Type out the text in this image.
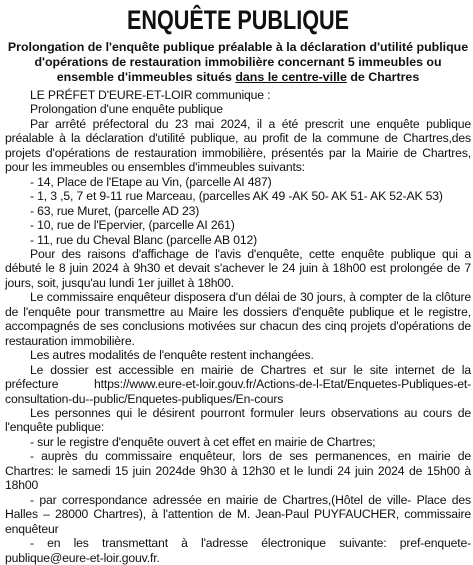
ENQUÊTE PUBLIQUE
Prolongation de l'enquête publique préalable à la déclaration d'utilité publique d'opérations de restauration immobilière concernant 5 immeubles ou ensemble d'immeubles situés dans le centre-ville de Chartres

LE PRÉFET D'EURE-ET-LOIR communique :

Prolongation d'une enquête publique

Par arrêté préfectoral du 23 mai 2024, il a été prescrit une enquête publique préalable à la déclaration d'utilité publique, au profit de la commune de Chartres,des projets d'opérations de restauration immobilière, présentés par la Mairie de Chartres, pour les immeubles ou ensembles d'immeubles suivants:

- 14, Place de l'Etape au Vin, (parcelle AI 487)

- 1, 3 ,5, 7 et 9-11 rue Marceau, (parcelles AK 49 -AK 50- AK 51- AK 52-AK 53)

- 63, rue Muret, (parcelle AD 23)

- 10, rue de l'Epervier, (parcelle AI 261)

- 11, rue du Cheval Blanc (parcelle AB 012)

Pour des raisons d'affichage de l'avis d'enquête, cette enquête publique qui a débuté le 8 juin 2024 à 9h30 et devait s'achever le 24 juin à 18h00 est prolongée de 7 jours, soit, jusqu'au lundi 1er juillet à 18h00.

Le commissaire enquêteur disposera d'un délai de 30 jours, à compter de la clôture de l'enquête pour transmettre au Maire les dossiers d'enquête publique et le registre, accompagnés de ses conclusions motivées sur chacun des cinq projets d'opérations de restauration immobilière.

Les autres modalités de l'enquête restent inchangées.

Le dossier est accessible en mairie de Chartres et sur le site internet de la préfecture https://www.eure-et-loir.gouv.fr/Actions-de-l-Etat/Enquetes-Publiques-et-consultation-du--public/Enquetes-publiques/En-cours

Les personnes qui le désirent pourront formuler leurs observations au cours de l'enquête publique:

- sur le registre d'enquête ouvert à cet effet en mairie de Chartres;

- auprès du commissaire enquêteur, lors de ses permanences, en mairie de Chartres: le samedi 15 juin 2024de 9h30 à 12h30 et le lundi 24 juin 2024 de 15h00 à 18h00

- par correspondance adressée en mairie de Chartres,(Hôtel de ville- Place des Halles – 28000 Chartres), à l'attention de M. Jean-Paul PUYFAUCHER, commissaire enquêteur

- en les transmettant à l'adresse électronique suivante: pref-enquete-publique@eure-et-loir.gouv.fr.
